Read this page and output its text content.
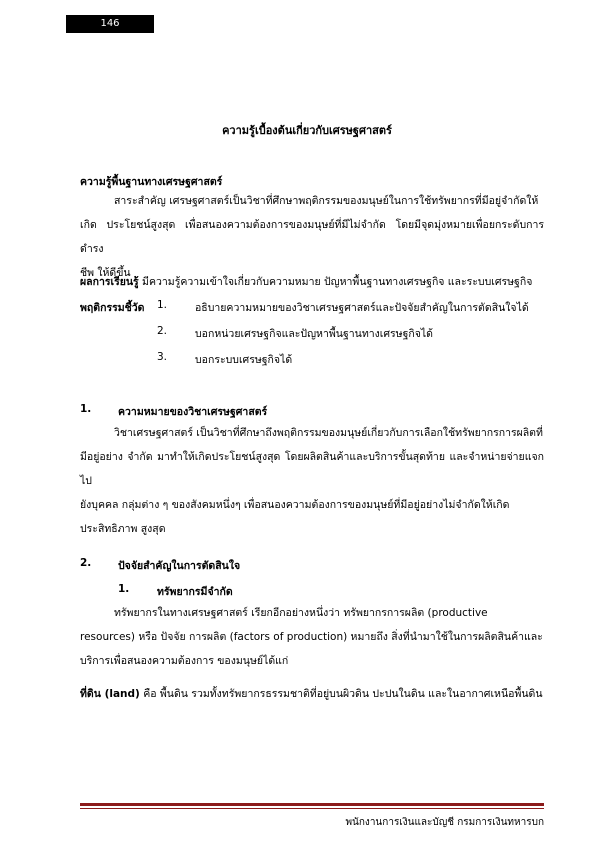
146
ความรู้เบื้องต้นเกี่ยวกับเศรษฐศาสตร์
ความรู้พื้นฐานทางเศรษฐศาสตร์

สาระสำคัญ เศรษฐศาสตร์เป็นวิชาที่ศึกษาพฤติกรรมของมนุษย์ในการใช้ทรัพยากรที่มีอยู่จำกัดให้

เกิด ประโยชน์สูงสุด เพื่อสนองความต้องการของมนุษย์ที่มีไม่จำกัด โดยมีจุดมุ่งหมายเพื่อยกระดับการดำรง

ชีพ ให้ดีขึ้น

ผลการเรียนรู้ มีความรู้ความเข้าใจเกี่ยวกับความหมาย ปัญหาพื้นฐานทางเศรษฐกิจ และระบบเศรษฐกิจ
พฤติกรรมชี้วัด 1.	อธิบายความหมายของวิชาเศรษฐศาสตร์และปัจจัยสำคัญในการตัดสินใจได้
2.	บอกหน่วยเศรษฐกิจและปัญหาพื้นฐานทางเศรษฐกิจได้
3.	บอกระบบเศรษฐกิจได้
1.	ความหมายของวิชาเศรษฐศาสตร์

วิชาเศรษฐศาสตร์ เป็นวิชาที่ศึกษาถึงพฤติกรรมของมนุษย์เกี่ยวกับการเลือกใช้ทรัพยากรการผลิตที่

มีอยู่อย่าง จำกัด มาทำให้เกิดประโยชน์สูงสุด โดยผลิตสินค้าและบริการขั้นสุดท้าย และจำหน่ายจ่ายแจกไป

ยังบุคคล กลุ่มต่าง ๆ ของสังคมหนึ่งๆ เพื่อสนองความต้องการของมนุษย์ที่มีอยู่อย่างไม่จำกัดให้เกิด

ประสิทธิภาพ สูงสุด

2.	ปัจจัยสำคัญในการตัดสินใจ
1.	ทรัพยากรมีจำกัด

ทรัพยากรในทางเศรษฐศาสตร์ เรียกอีกอย่างหนึ่งว่า ทรัพยากรการผลิต (productive

resources) หรือ ปัจจัย การผลิต (factors of production) หมายถึง สิ่งที่นำมาใช้ในการผลิตสินค้าและ

บริการเพื่อสนองความต้องการ ของมนุษย์ได้แก่

ที่ดิน (land) คือ พื้นดิน รวมทั้งทรัพยากรธรรมชาติที่อยู่บนผิวดิน ปะปนในดิน และในอากาศเหนือพื้นดิน
พนักงานการเงินและบัญชี กรมการเงินทหารบก
